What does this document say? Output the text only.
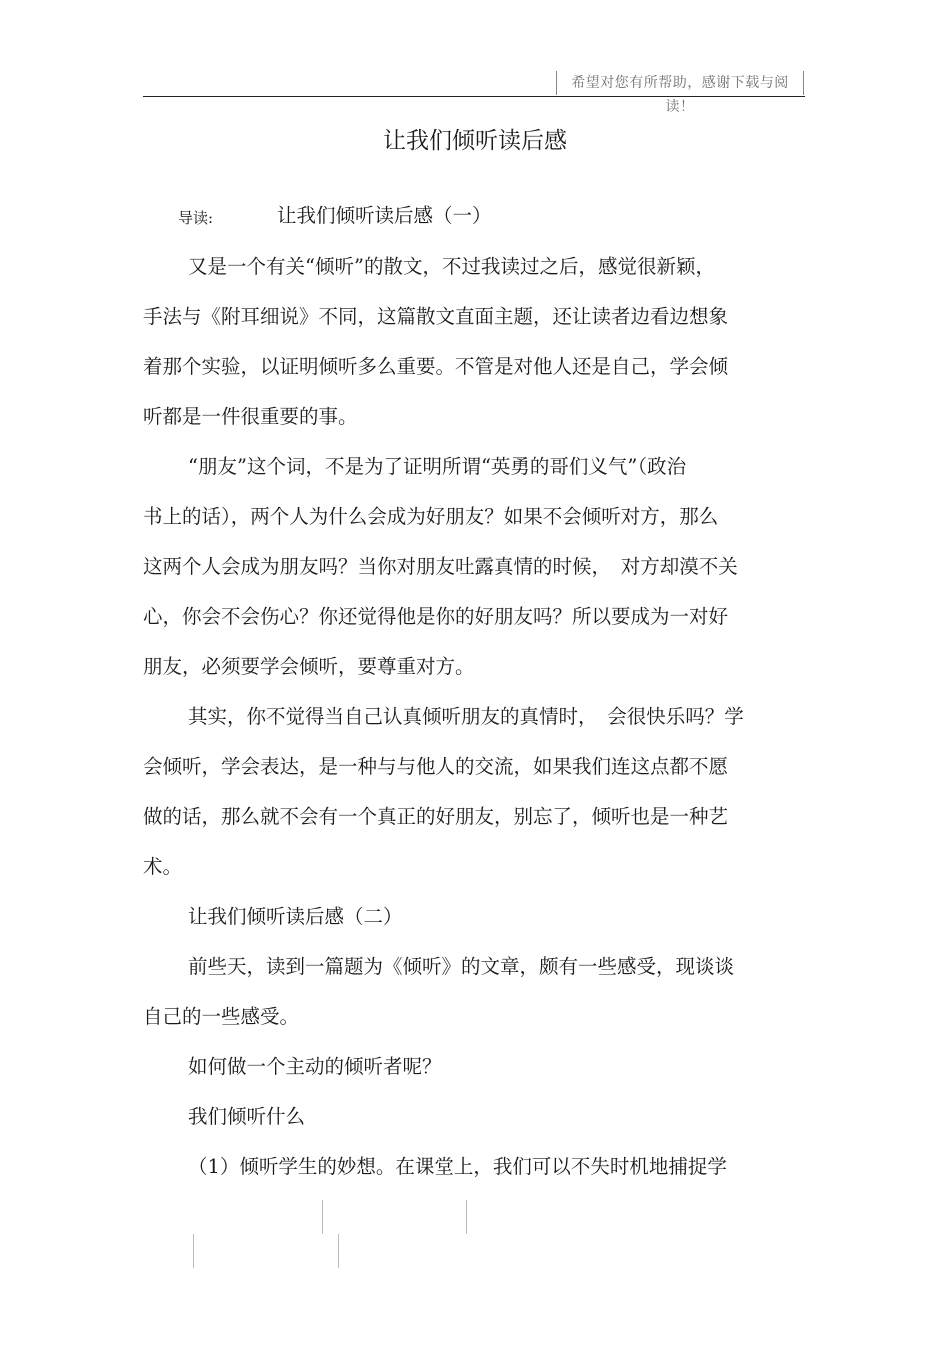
希望对您有所帮助，感谢下载与阅读！
让我们倾听读后感
导读:	让我们倾听读后感（一）
又是一个有关“倾听”的散文，不过我读过之后，感觉很新颖，
手法与《附耳细说》不同，这篇散文直面主题，还让读者边看边想象
着那个实验，以证明倾听多么重要。不管是对他人还是自己，学会倾
听都是一件很重要的事。
“朋友”这个词，不是为了证明所谓“英勇的哥们义气”（政治
书上的话），两个人为什么会成为好朋友？如果不会倾听对方，那么
这两个人会成为朋友吗？当你对朋友吐露真情的时候，　对方却漠不关
心，你会不会伤心？你还觉得他是你的好朋友吗？所以要成为一对好
朋友，必须要学会倾听，要尊重对方。
其实，你不觉得当自己认真倾听朋友的真情时，　会很快乐吗？学
会倾听，学会表达，是一种与与他人的交流，如果我们连这点都不愿
做的话，那么就不会有一个真正的好朋友，别忘了，倾听也是一种艺
术。
让我们倾听读后感（二）
前些天，读到一篇题为《倾听》的文章，颇有一些感受，现谈谈
自己的一些感受。
如何做一个主动的倾听者呢？
我们倾听什么
（1）倾听学生的妙想。在课堂上，我们可以不失时机地捕捉学
